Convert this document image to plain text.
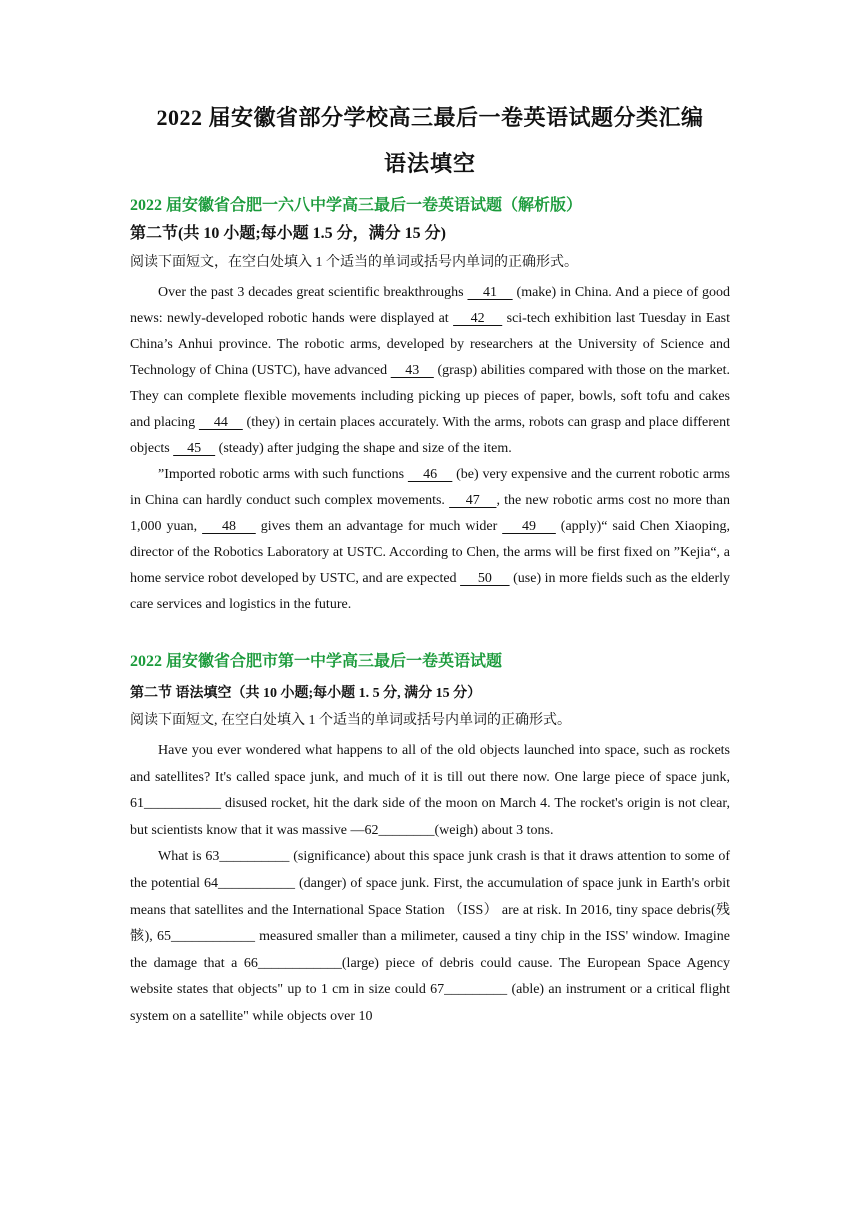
2022 届安徽省部分学校高三最后一卷英语试题分类汇编
语法填空
2022 届安徽省合肥一六八中学高三最后一卷英语试题（解析版）
第二节(共 10 小题;每小题 1.5 分，满分 15 分)
阅读下面短文，在空白处填入 1 个适当的单词或括号内单词的正确形式。

Over the past 3 decades great scientific breakthroughs     41     (make) in China. And a piece of good news: newly-developed robotic hands were displayed at     42     sci-tech exhibition last Tuesday in East China’s Anhui province. The robotic arms, developed by researchers at the University of Science and Technology of China (USTC), have advanced     43     (grasp) abilities compared with those on the market. They can complete flexible movements including picking up pieces of paper, bowls, soft tofu and cakes and placing     44     (they) in certain places accurately. With the arms, robots can grasp and place different objects     45     (steady) after judging the shape and size of the item.

”Imported robotic arms with such functions     46     (be) very expensive and the current robotic arms in China can hardly conduct such complex movements.     47    , the new robotic arms cost no more than 1,000 yuan,     48     gives them an advantage for much wider     49     (apply)“ said Chen Xiaoping, director of the Robotics Laboratory at USTC. According to Chen, the arms will be first fixed on ”Kejia“, a home service robot developed by USTC, and are expected      50      (use) in more fields such as the elderly care services and logistics in the future.

2022 届安徽省合肥市第一中学高三最后一卷英语试题
第二节 语法填空（共 10 小题;每小题 1. 5 分, 满分 15 分）
阅读下面短文, 在空白处填入 1 个适当的单词或括号内单词的正确形式。

Have you ever wondered what happens to all of the old objects launched into space, such as rockets and satellites? It's called space junk, and much of it is till out there now. One large piece of space junk, 61___________ disused rocket, hit the dark side of the moon on March 4. The rocket's origin is not clear, but scientists know that it was massive —62________(weigh) about 3 tons.

What is 63__________ (significance) about this space junk crash is that it draws attention to some of the potential 64___________ (danger) of space junk. First, the accumulation of space junk in Earth's orbit means that satellites and the International Space Station （ISS） are at risk. In 2016, tiny space debris(残骸), 65____________ measured smaller than a milimeter, caused a tiny chip in the ISS' window. Imagine the damage that a 66____________(large) piece of debris could cause. The European Space Agency website states that objects" up to 1 cm in size could 67_________ (able) an instrument or a critical flight system on a satellite" while objects over 10
